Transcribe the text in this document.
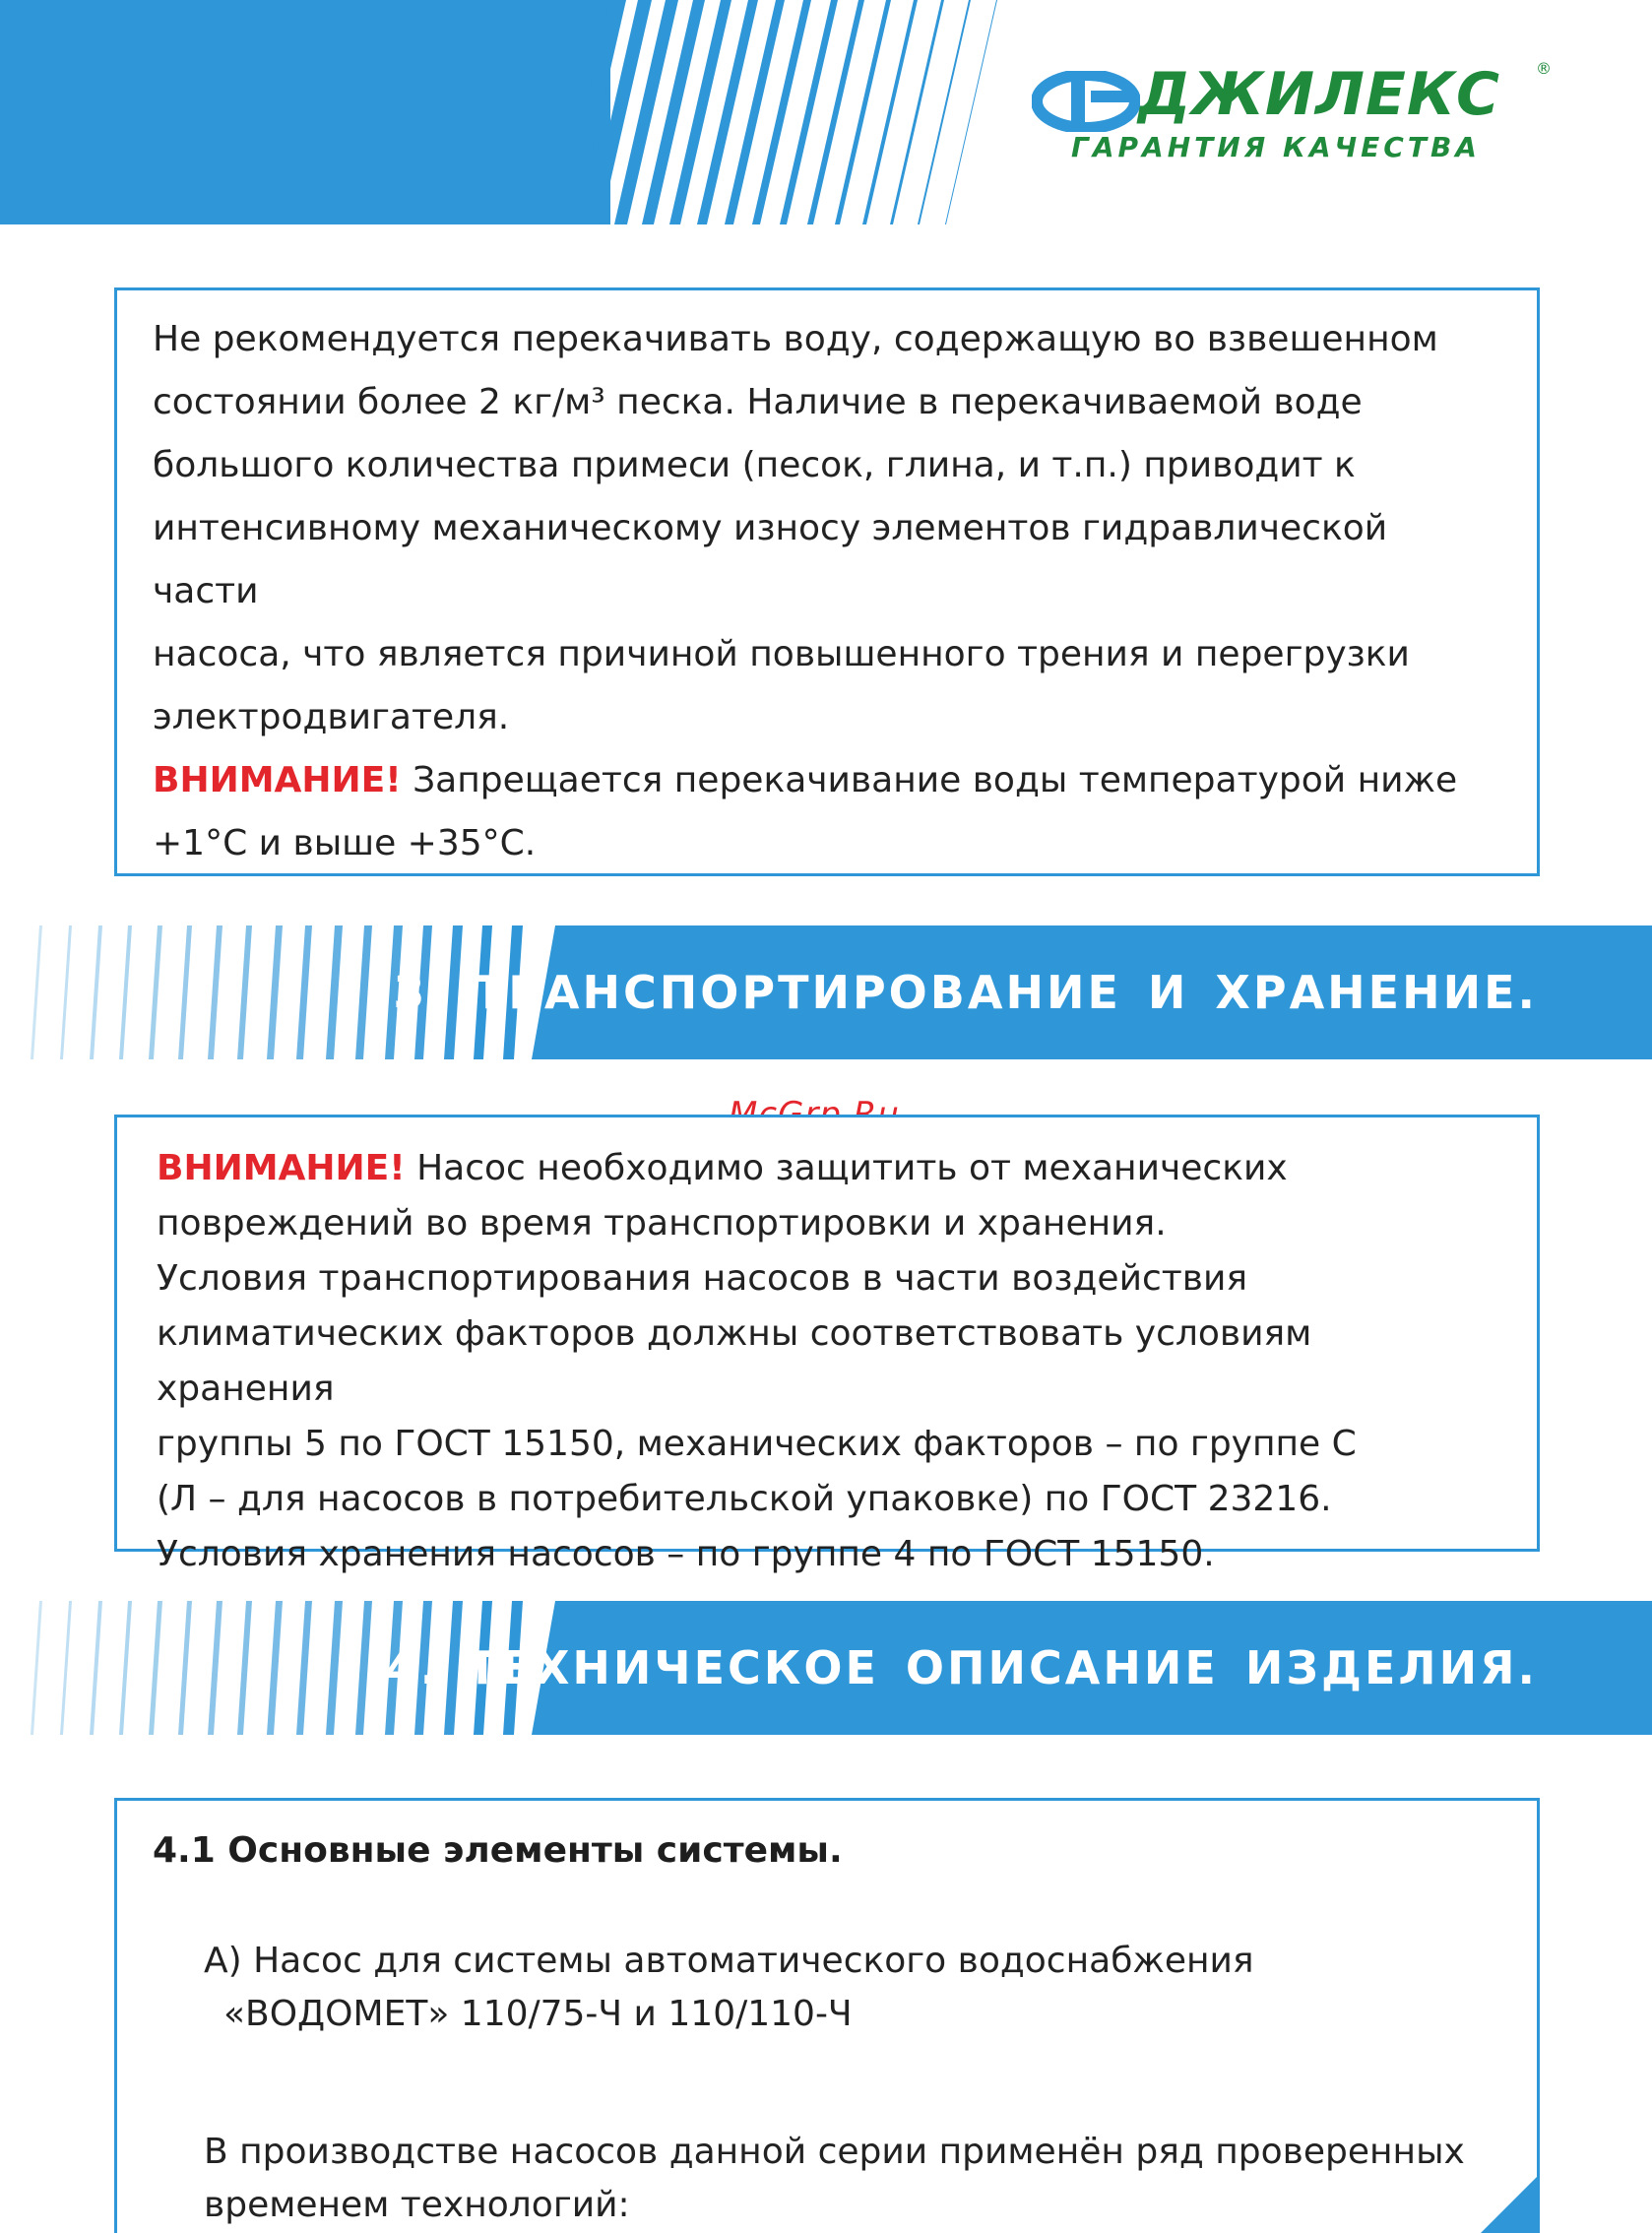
ДЖИЛЕКС ®
ГАРАНТИЯ КАЧЕСТВА

Не рекомендуется перекачивать воду, содержащую во взвешенном

состоянии более 2 кг/м³ песка. Наличие в перекачиваемой воде

большого количества примеси (песок, глина, и т.п.) приводит к

интенсивному механическому износу элементов гидравлической части

насоса, что является причиной повышенного трения и перегрузки

электродвигателя.

ВНИМАНИЕ! Запрещается перекачивание воды температурой ниже

+1°С и выше +35°С.

3. ТРАНСПОРТИРОВАНИЕ И ХРАНЕНИЕ.

ВНИМАНИЕ! Насос необходимо защитить от механических

повреждений во время транспортировки и хранения.

Условия транспортирования насосов в части воздействия

климатических факторов должны соответствовать условиям хранения

группы 5 по ГОСТ 15150, механических факторов – по группе С

(Л – для насосов в потребительской упаковке) по ГОСТ 23216.

Условия хранения насосов – по группе 4 по ГОСТ 15150.

4. ТЕХНИЧЕСКОЕ ОПИСАНИЕ ИЗДЕЛИЯ.
4.1 Основные элементы системы.
А) Насос для системы автоматического водоснабжения
«ВОДОМЕТ» 110/75-Ч и 110/110-Ч
В производстве насосов данной серии применён ряд проверенных
временем технологий:
